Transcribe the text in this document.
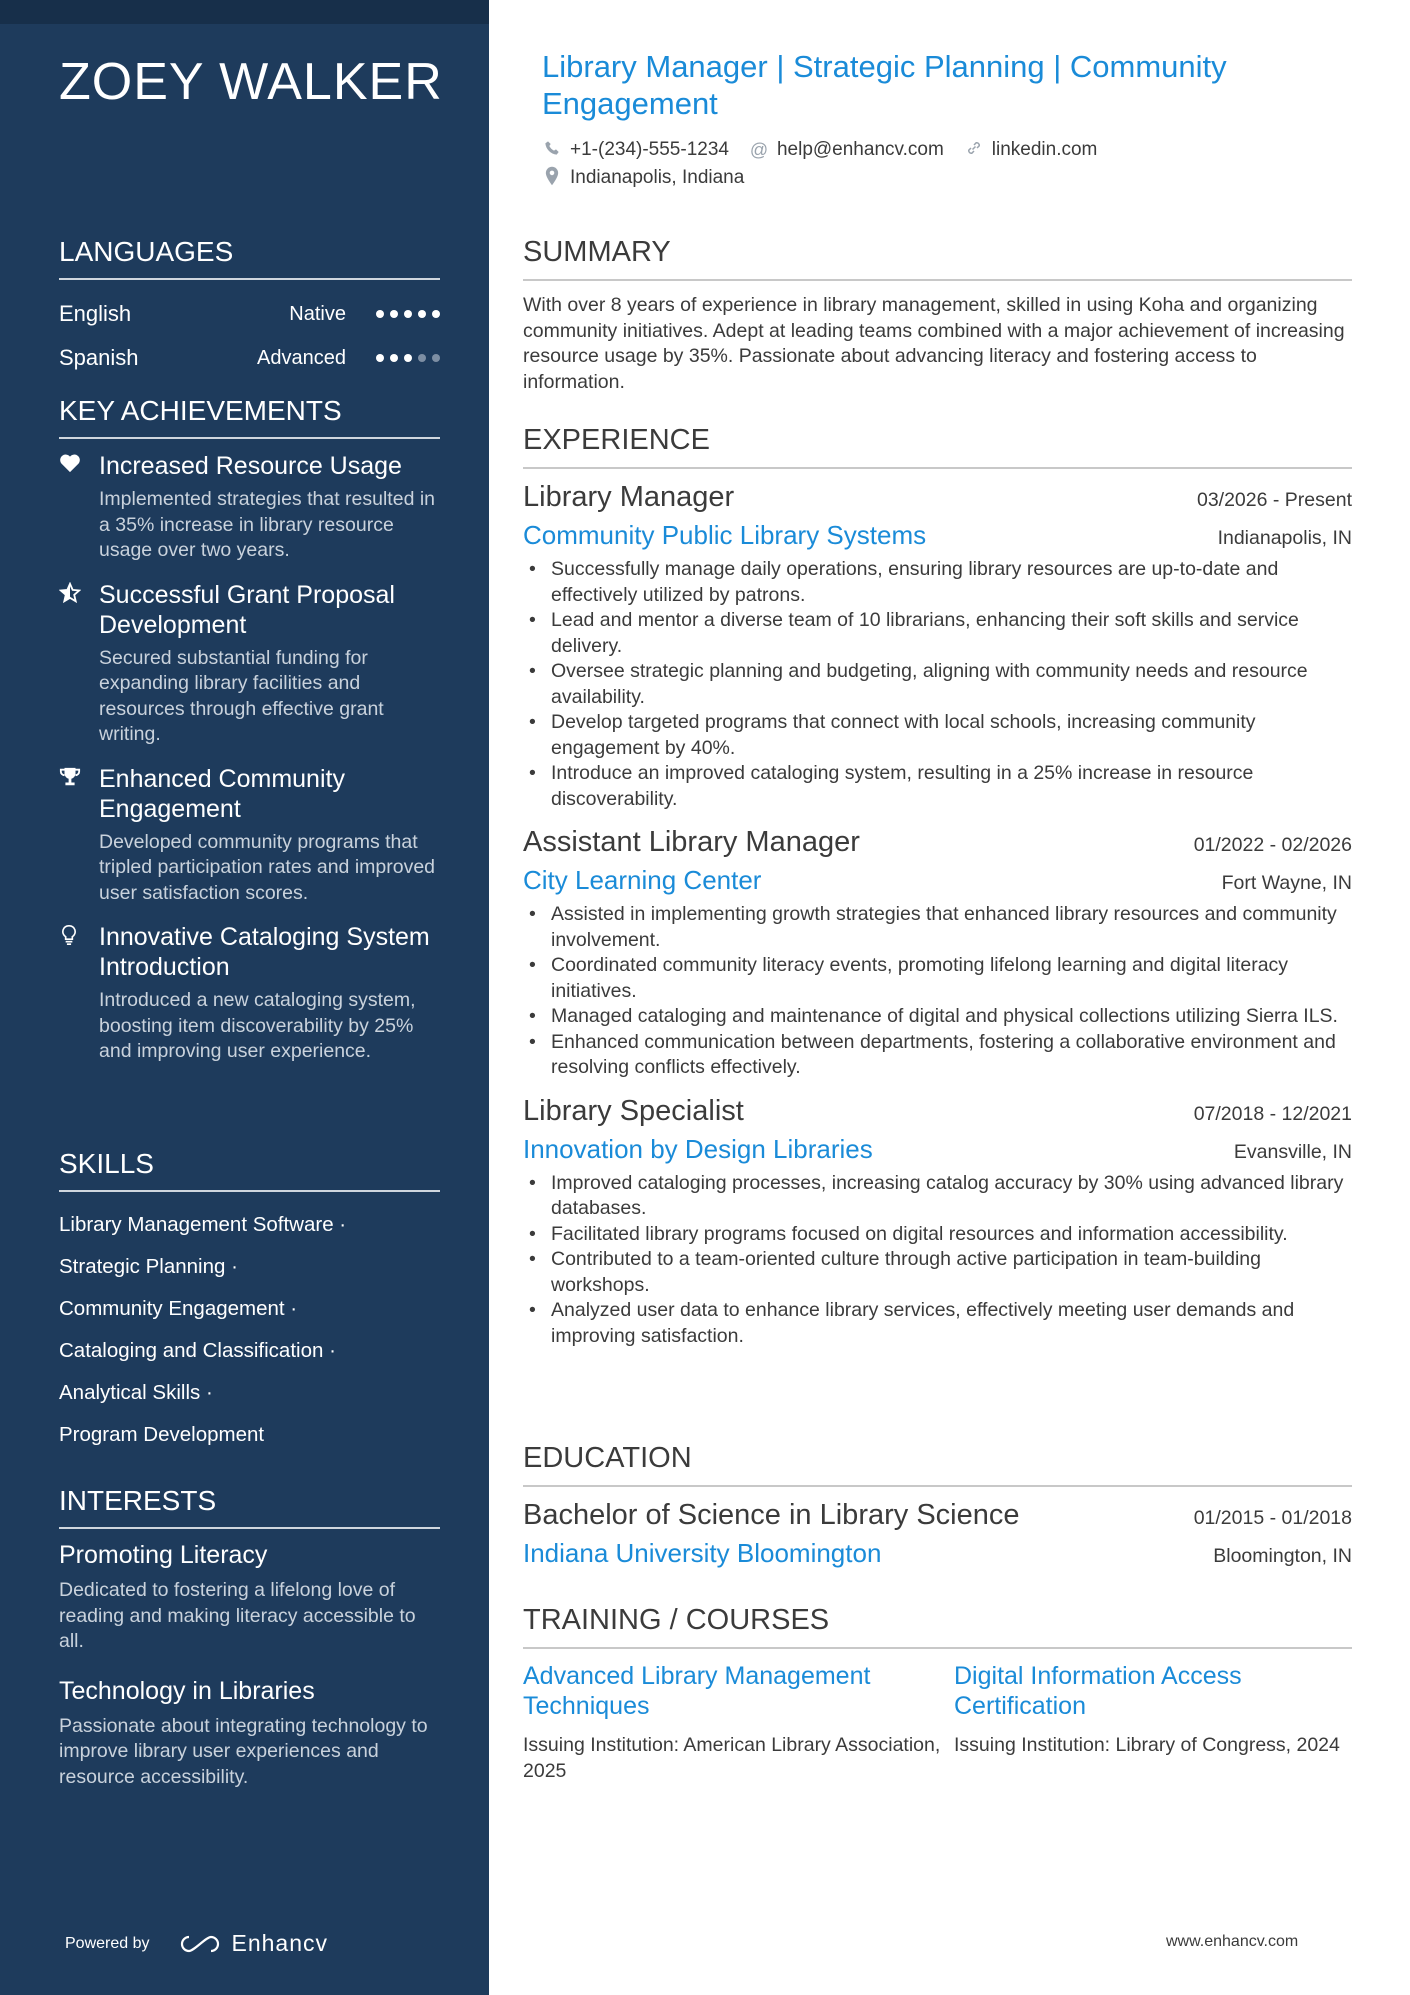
ZOEY WALKER
LANGUAGES
English	Native
Spanish	Advanced
KEY ACHIEVEMENTS
Increased Resource Usage
Implemented strategies that resulted in a 35% increase in library resource usage over two years.
Successful Grant Proposal Development
Secured substantial funding for expanding library facilities and resources through effective grant writing.
Enhanced Community Engagement
Developed community programs that tripled participation rates and improved user satisfaction scores.
Innovative Cataloging System Introduction
Introduced a new cataloging system, boosting item discoverability by 25% and improving user experience.
SKILLS
Library Management Software ·
Strategic Planning ·
Community Engagement ·
Cataloging and Classification ·
Analytical Skills ·
Program Development
INTERESTS
Promoting Literacy
Dedicated to fostering a lifelong love of reading and making literacy accessible to all.
Technology in Libraries
Passionate about integrating technology to improve library user experiences and resource accessibility.
Powered by	Enhancv
Library Manager | Strategic Planning | Community Engagement
+1-(234)-555-1234 @ help@enhancv.com	linkedin.com
Indianapolis, Indiana
SUMMARY
With over 8 years of experience in library management, skilled in using Koha and organizing community initiatives. Adept at leading teams combined with a major achievement of increasing resource usage by 35%. Passionate about advancing literacy and fostering access to information.
EXPERIENCE
Library Manager	03/2026 - Present
Community Public Library Systems	Indianapolis, IN
• Successfully manage daily operations, ensuring library resources are up-to-date and effectively utilized by patrons.
• Lead and mentor a diverse team of 10 librarians, enhancing their soft skills and service delivery.
• Oversee strategic planning and budgeting, aligning with community needs and resource availability.
• Develop targeted programs that connect with local schools, increasing community engagement by 40%.
• Introduce an improved cataloging system, resulting in a 25% increase in resource discoverability.
Assistant Library Manager	01/2022 - 02/2026
City Learning Center	Fort Wayne, IN
• Assisted in implementing growth strategies that enhanced library resources and community involvement.
• Coordinated community literacy events, promoting lifelong learning and digital literacy initiatives.
• Managed cataloging and maintenance of digital and physical collections utilizing Sierra ILS.
• Enhanced communication between departments, fostering a collaborative environment and resolving conflicts effectively.
Library Specialist	07/2018 - 12/2021
Innovation by Design Libraries	Evansville, IN
• Improved cataloging processes, increasing catalog accuracy by 30% using advanced library databases.
• Facilitated library programs focused on digital resources and information accessibility.
• Contributed to a team-oriented culture through active participation in team-building workshops.
• Analyzed user data to enhance library services, effectively meeting user demands and improving satisfaction.
EDUCATION
Bachelor of Science in Library Science	01/2015 - 01/2018
Indiana University Bloomington	Bloomington, IN
TRAINING / COURSES
Advanced Library Management Techniques
Issuing Institution: American Library Association, 2025
Digital Information Access Certification
Issuing Institution: Library of Congress, 2024
www.enhancv.com
